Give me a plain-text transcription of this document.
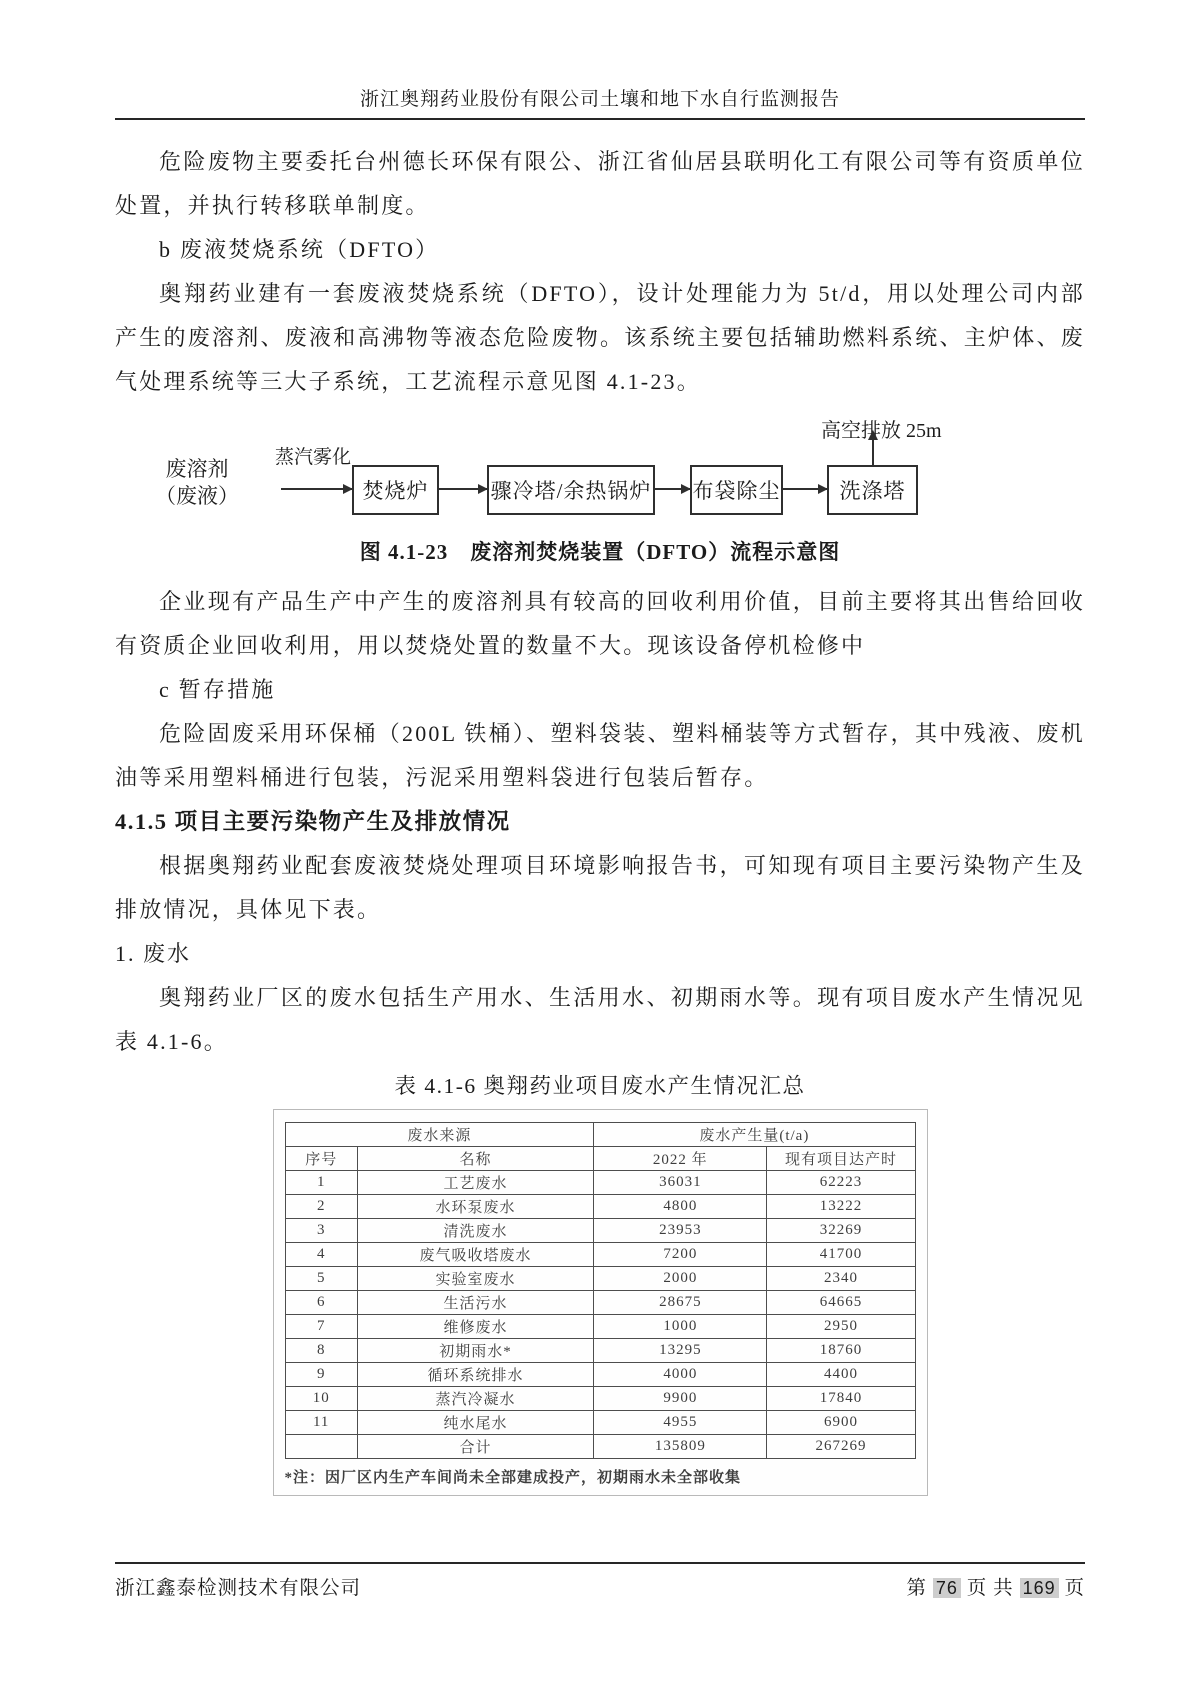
浙江奥翔药业股份有限公司土壤和地下水自行监测报告

危险废物主要委托台州德长环保有限公、浙江省仙居县联明化工有限公司等有资质单位处置，并执行转移联单制度。

b 废液焚烧系统（DFTO）

奥翔药业建有一套废液焚烧系统（DFTO），设计处理能力为 5t/d，用以处理公司内部产生的废溶剂、废液和高沸物等液态危险废物。该系统主要包括辅助燃料系统、主炉体、废气处理系统等三大子系统，工艺流程示意见图 4.1-23。

高空排放 25m
废溶剂
（废液）
蒸汽雾化
焚烧炉	骤冷塔/余热锅炉 布袋除尘	洗涤塔
图 4.1-23　废溶剂焚烧装置（DFTO）流程示意图

企业现有产品生产中产生的废溶剂具有较高的回收利用价值，目前主要将其出售给回收有资质企业回收利用，用以焚烧处置的数量不大。现该设备停机检修中

c 暂存措施

危险固废采用环保桶（200L 铁桶）、塑料袋装、塑料桶装等方式暂存，其中残液、废机油等采用塑料桶进行包装，污泥采用塑料袋进行包装后暂存。

4.1.5 项目主要污染物产生及排放情况

根据奥翔药业配套废液焚烧处理项目环境影响报告书，可知现有项目主要污染物产生及排放情况，具体见下表。

1. 废水

奥翔药业厂区的废水包括生产用水、生活用水、初期雨水等。现有项目废水产生情况见表 4.1-6。

表 4.1-6 奥翔药业项目废水产生情况汇总
废水来源		废水产生量(t/a)	
序号	名称	2022 年	现有项目达产时
1	工艺废水	36031	62223
2	水环泵废水	4800	13222
3	清洗废水	23953	32269
4	废气吸收塔废水	7200	41700
5	实验室废水	2000	2340
6	生活污水	28675	64665
7	维修废水	1000	2950
8	初期雨水*	13295	18760
9	循环系统排水	4000	4400
10	蒸汽冷凝水	9900	17840
11	纯水尾水	4955	6900
	合计	135809	267269
*注：因厂区内生产车间尚未全部建成投产，初期雨水未全部收集
浙江鑫泰检测技术有限公司	第 76 页 共 169 页
